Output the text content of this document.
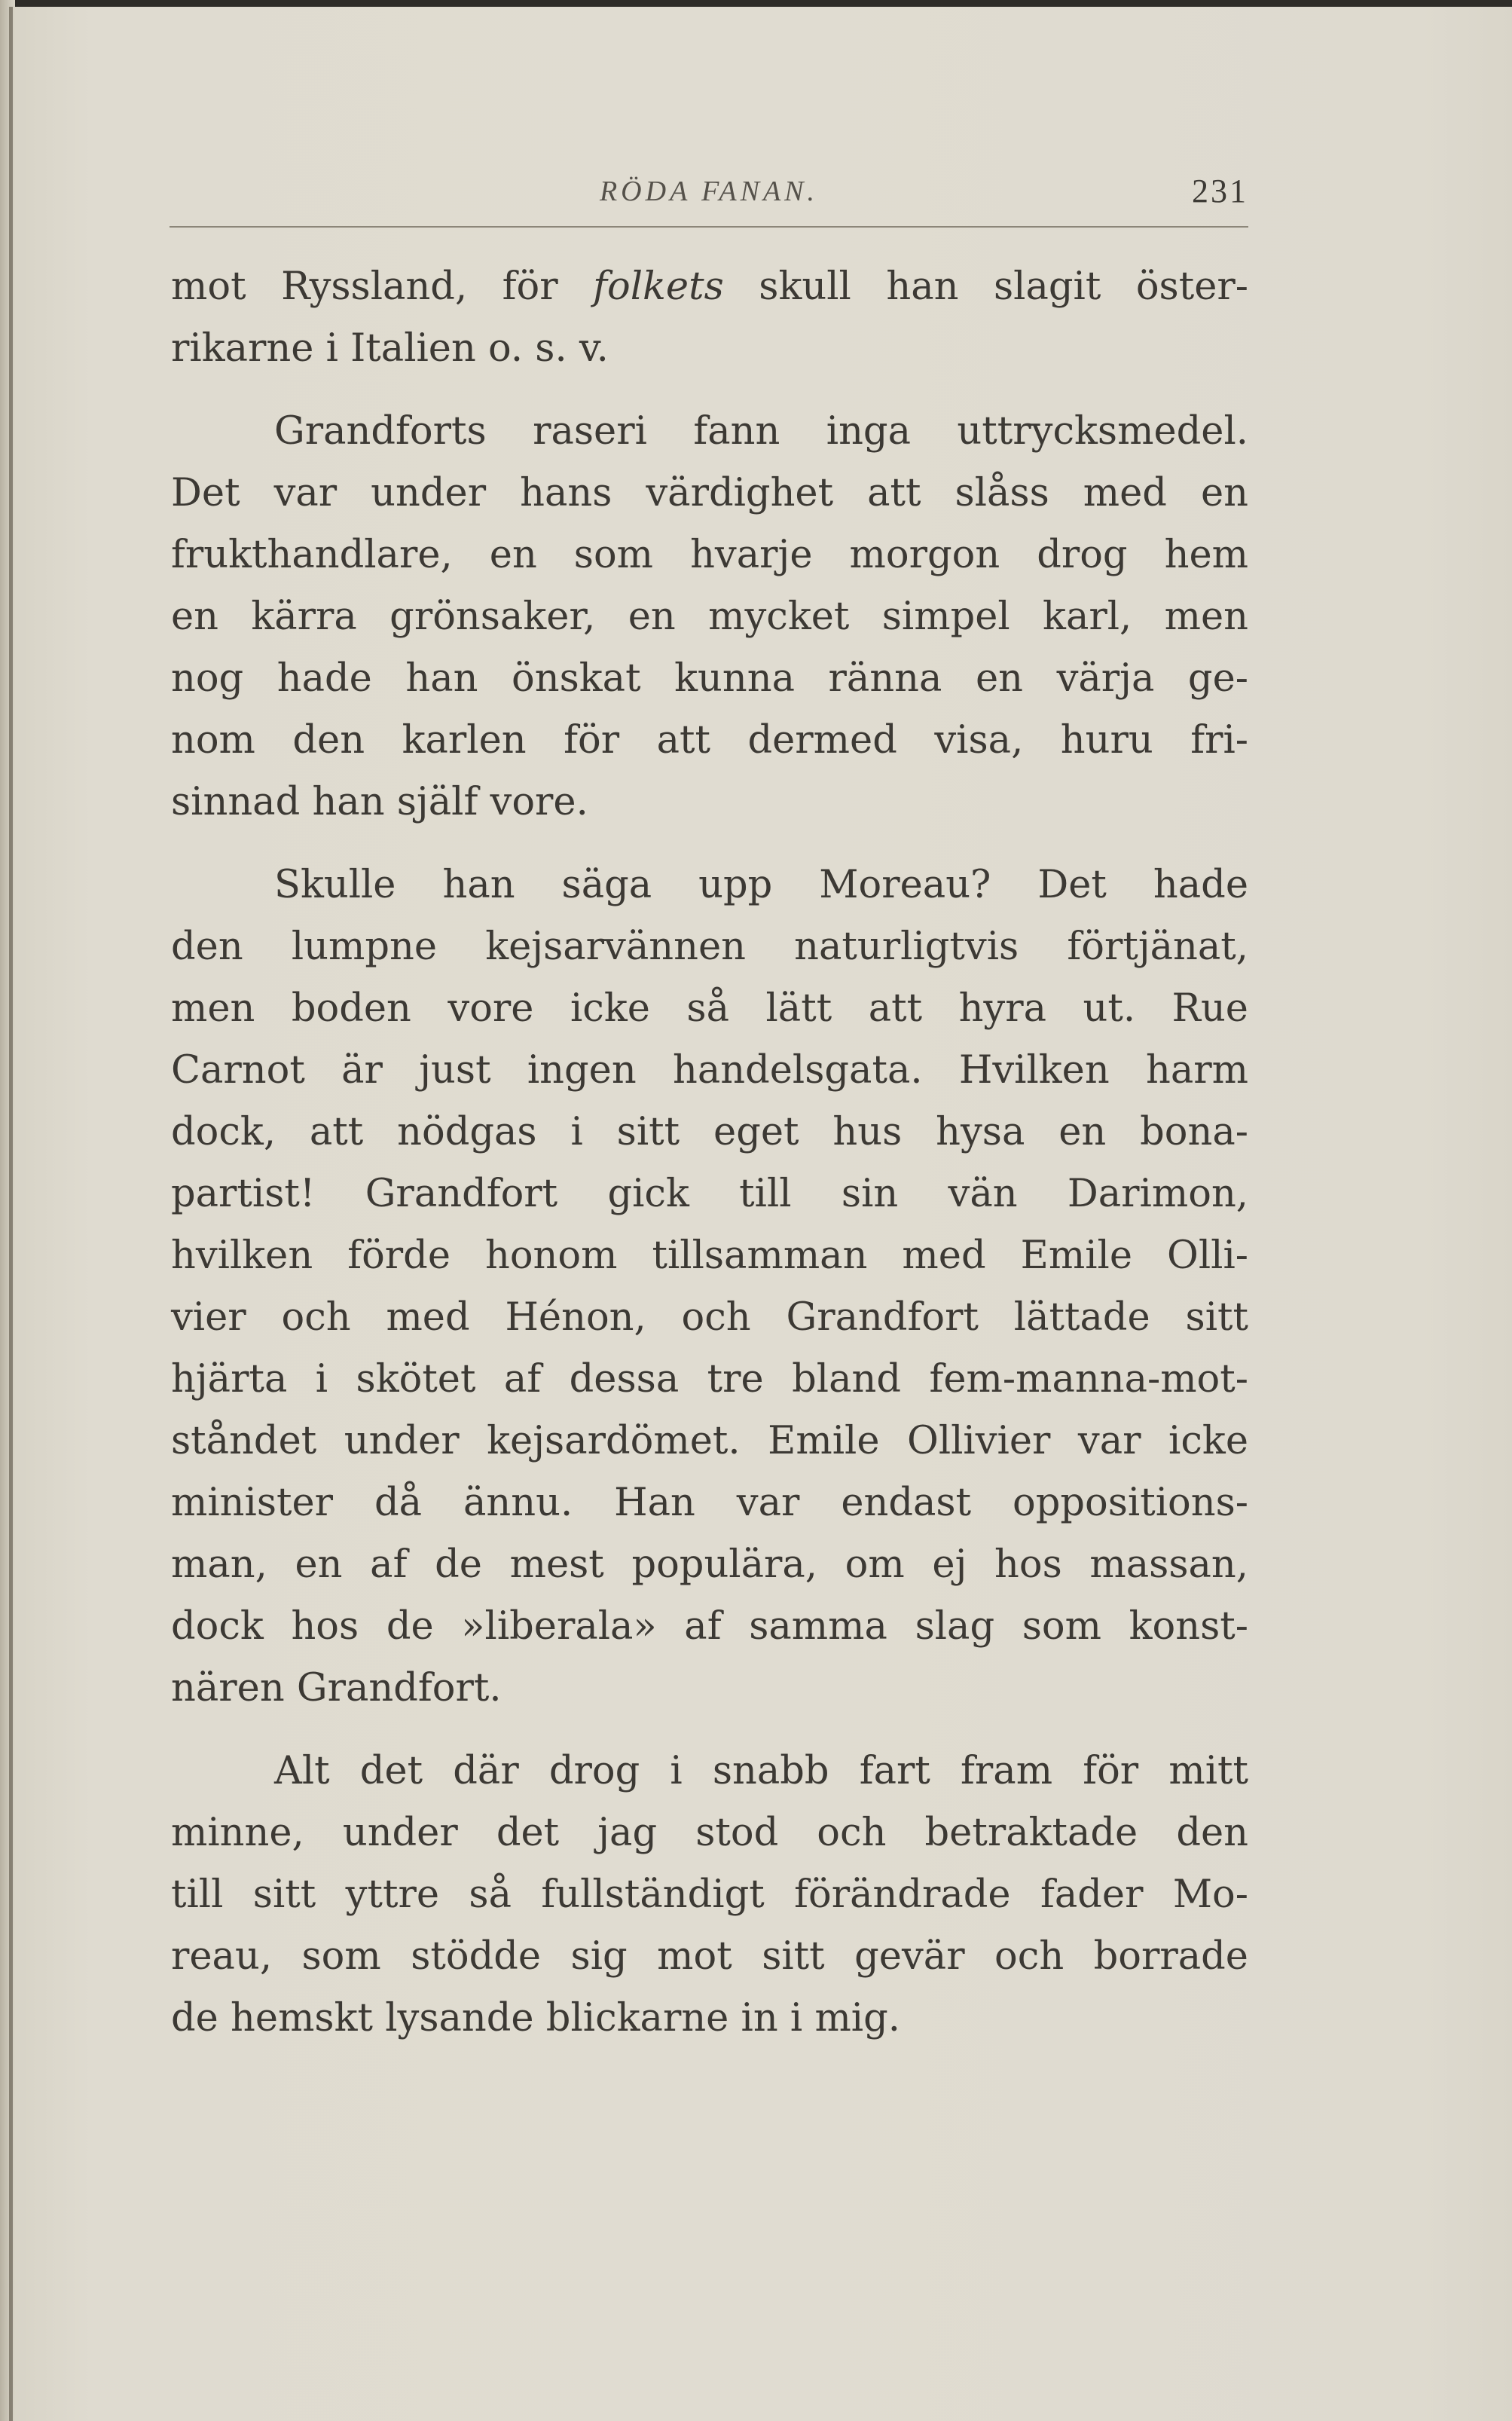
RÖDA FANAN.	231
mot Ryssland, för folkets skull han slagit öster-
rikarne i Italien o. s. v.
Grandforts raseri fann inga uttrycksmedel.
Det var under hans värdighet att slåss med en
frukthandlare, en som hvarje morgon drog hem
en kärra grönsaker, en mycket simpel karl, men
nog hade han önskat kunna ränna en värja ge-
nom den karlen för att dermed visa, huru fri-
sinnad han själf vore.
Skulle han säga upp Moreau? Det hade
den lumpne kejsarvännen naturligtvis förtjänat,
men boden vore icke så lätt att hyra ut. Rue
Carnot är just ingen handelsgata. Hvilken harm
dock, att nödgas i sitt eget hus hysa en bona-
partist! Grandfort gick till sin vän Darimon,
hvilken förde honom tillsamman med Emile Olli-
vier och med Hénon, och Grandfort lättade sitt
hjärta i skötet af dessa tre bland fem-manna-mot-
ståndet under kejsardömet. Emile Ollivier var icke
minister då ännu. Han var endast oppositions-
man, en af de mest populära, om ej hos massan,
dock hos de »liberala» af samma slag som konst-
nären Grandfort.
Alt det där drog i snabb fart fram för mitt
minne, under det jag stod och betraktade den
till sitt yttre så fullständigt förändrade fader Mo-
reau, som stödde sig mot sitt gevär och borrade
de hemskt lysande blickarne in i mig.
